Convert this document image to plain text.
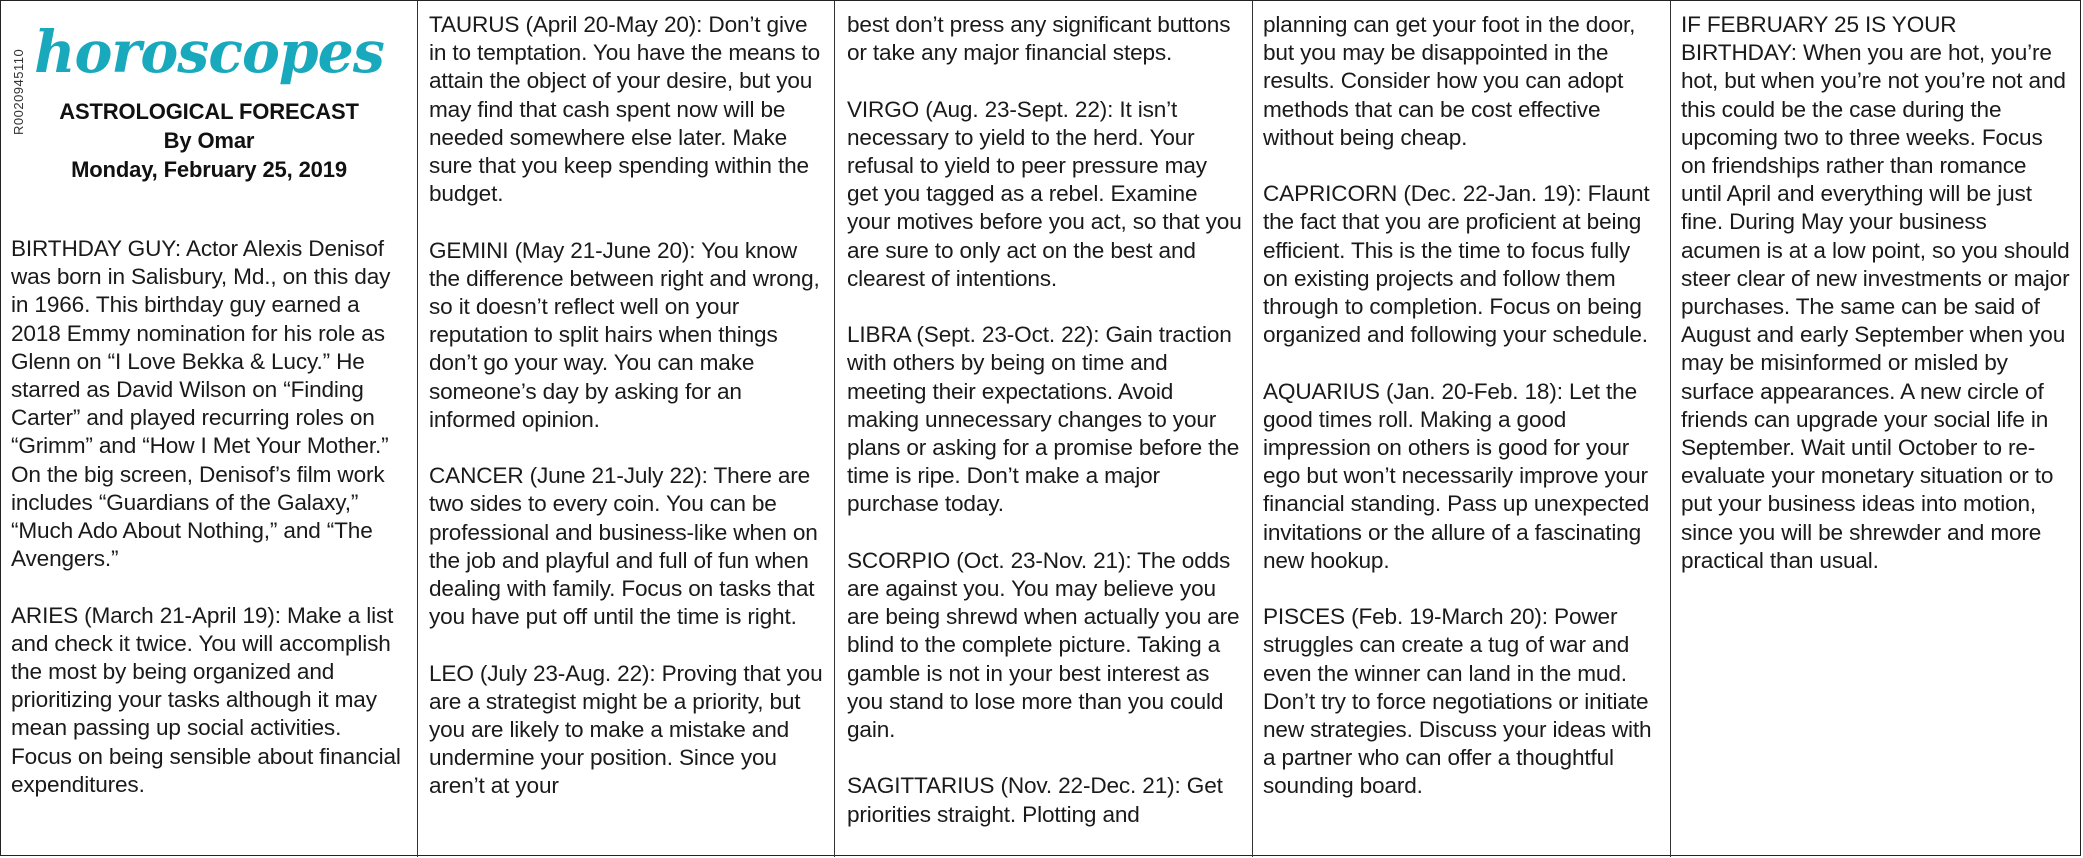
R0020945110 horoscopes
ASTROLOGICAL FORECAST
By Omar
Monday, February 25, 2019

BIRTHDAY GUY: Actor Alexis Denisof was born in Salisbury, Md., on this day in 1966. This birthday guy earned a 2018 Emmy nomination for his role as Glenn on “I Love Bekka & Lucy.” He starred as David Wilson on “Finding Carter” and played recurring roles on “Grimm” and “How I Met Your Mother.” On the big screen, Denisof’s film work includes “Guardians of the Galaxy,” “Much Ado About Nothing,” and “The Avengers.”

ARIES (March 21-April 19): Make a list and check it twice. You will accomplish the most by being organized and prioritizing your tasks although it may mean passing up social activities. Focus on being sensible about financial expenditures.

TAURUS (April 20-May 20): Don’t give in to temptation. You have the means to attain the object of your desire, but you may find that cash spent now will be needed somewhere else later. Make sure that you keep spending within the budget.

GEMINI (May 21-June 20): You know the difference between right and wrong, so it doesn’t reflect well on your reputation to split hairs when things don’t go your way. You can make someone’s day by asking for an informed opinion.

CANCER (June 21-July 22): There are two sides to every coin. You can be professional and business-like when on the job and playful and full of fun when dealing with family. Focus on tasks that you have put off until the time is right.

LEO (July 23-Aug. 22): Proving that you are a strategist might be a priority, but you are likely to make a mistake and undermine your position. Since you aren’t at your

best don’t press any significant buttons or take any major financial steps.

VIRGO (Aug. 23-Sept. 22): It isn’t necessary to yield to the herd. Your refusal to yield to peer pressure may get you tagged as a rebel. Examine your motives before you act, so that you are sure to only act on the best and clearest of intentions.

LIBRA (Sept. 23-Oct. 22): Gain traction with others by being on time and meeting their expectations. Avoid making unnecessary changes to your plans or asking for a promise before the time is ripe. Don’t make a major purchase today.

SCORPIO (Oct. 23-Nov. 21): The odds are against you. You may believe you are being shrewd when actually you are blind to the complete picture. Taking a gamble is not in your best interest as you stand to lose more than you could gain.

SAGITTARIUS (Nov. 22-Dec. 21): Get priorities straight. Plotting and

planning can get your foot in the door, but you may be disappointed in the results. Consider how you can adopt methods that can be cost effective without being cheap.

CAPRICORN (Dec. 22-Jan. 19): Flaunt the fact that you are proficient at being efficient. This is the time to focus fully on existing projects and follow them through to completion. Focus on being organized and following your schedule.

AQUARIUS (Jan. 20-Feb. 18): Let the good times roll. Making a good impression on others is good for your ego but won’t necessarily improve your financial standing. Pass up unexpected invitations or the allure of a fascinating new hookup.

PISCES (Feb. 19-March 20): Power struggles can create a tug of war and even the winner can land in the mud. Don’t try to force negotiations or initiate new strategies. Discuss your ideas with a partner who can offer a thoughtful sounding board.

IF FEBRUARY 25 IS YOUR BIRTHDAY: When you are hot, you’re hot, but when you’re not you’re not and this could be the case during the upcoming two to three weeks. Focus on friendships rather than romance until April and everything will be just fine. During May your business acumen is at a low point, so you should steer clear of new investments or major purchases. The same can be said of August and early September when you may be misinformed or misled by surface appearances. A new circle of friends can upgrade your social life in September. Wait until October to re-evaluate your monetary situation or to put your business ideas into motion, since you will be shrewder and more practical than usual.
